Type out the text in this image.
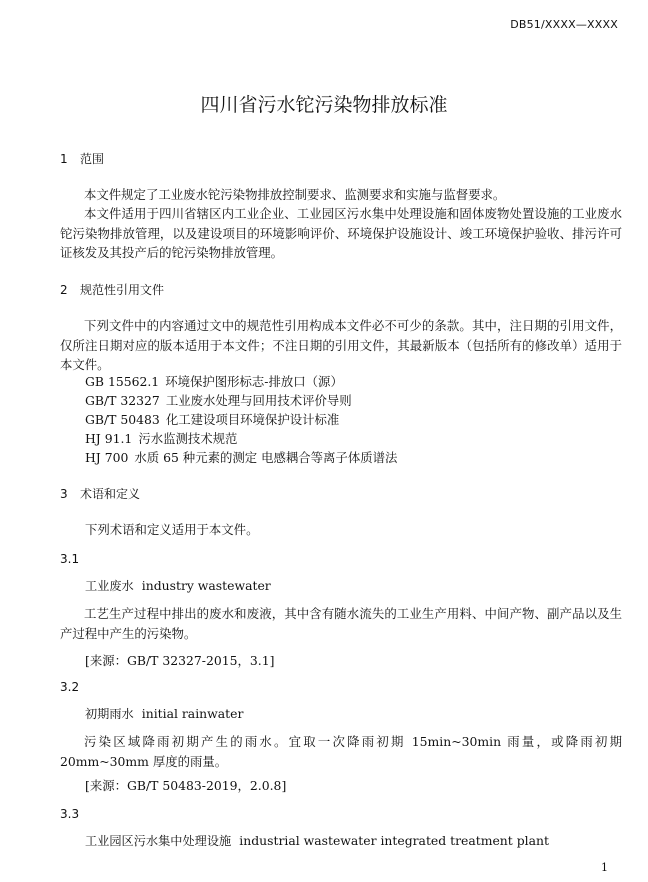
DB51/XXXX—XXXX
四川省污水铊污染物排放标准
1 范围
本文件规定了工业废水铊污染物排放控制要求、监测要求和实施与监督要求。
本文件适用于四川省辖区内工业企业、工业园区污水集中处理设施和固体废物处置设施的工业废水铊污染物排放管理，以及建设项目的环境影响评价、环境保护设施设计、竣工环境保护验收、排污许可证核发及其投产后的铊污染物排放管理。
2 规范性引用文件
下列文件中的内容通过文中的规范性引用构成本文件必不可少的条款。其中，注日期的引用文件，仅所注日期对应的版本适用于本文件；不注日期的引用文件，其最新版本（包括所有的修改单）适用于本文件。
GB 15562.1 环境保护图形标志-排放口（源）
GB/T 32327 工业废水处理与回用技术评价导则
GB/T 50483 化工建设项目环境保护设计标准
HJ 91.1 污水监测技术规范
HJ 700 水质 65 种元素的测定 电感耦合等离子体质谱法
3 术语和定义
下列术语和定义适用于本文件。
3.1
工业废水 industry wastewater
工艺生产过程中排出的废水和废液，其中含有随水流失的工业生产用料、中间产物、副产品以及生产过程中产生的污染物。
[来源：GB/T 32327-2015，3.1]
3.2
初期雨水 initial rainwater
污染区域降雨初期产生的雨水。宜取一次降雨初期 15min~30min 雨量，或降雨初期 20mm~30mm 厚度的雨量。
[来源：GB/T 50483-2019，2.0.8]
3.3
工业园区污水集中处理设施 industrial wastewater integrated treatment plant
1
